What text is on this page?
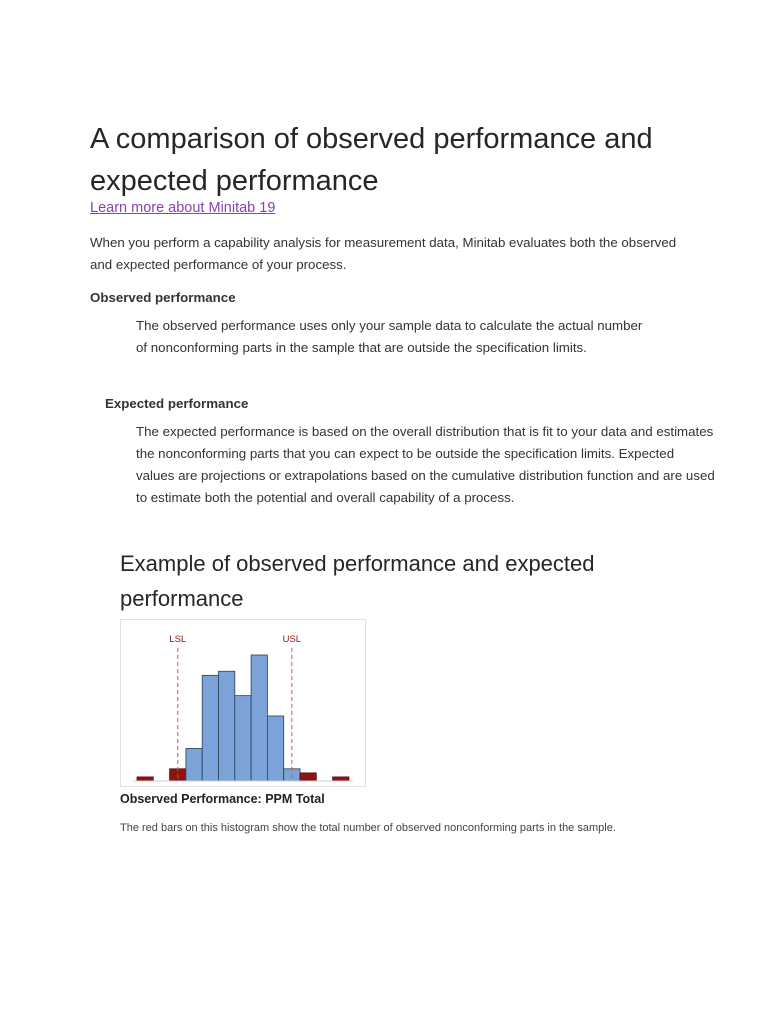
A comparison of observed performance and expected performance
Learn more about Minitab 19
When you perform a capability analysis for measurement data, Minitab evaluates both the observed and expected performance of your process.
Observed performance
The observed performance uses only your sample data to calculate the actual number of nonconforming parts in the sample that are outside the specification limits.
Expected performance
The expected performance is based on the overall distribution that is fit to your data and estimates the nonconforming parts that you can expect to be outside the specification limits. Expected values are projections or extrapolations based on the cumulative distribution function and are used to estimate both the potential and overall capability of a process.
Example of observed performance and expected performance
LSL	USL
Observed Performance: PPM Total
The red bars on this histogram show the total number of observed nonconforming parts in the sample.
